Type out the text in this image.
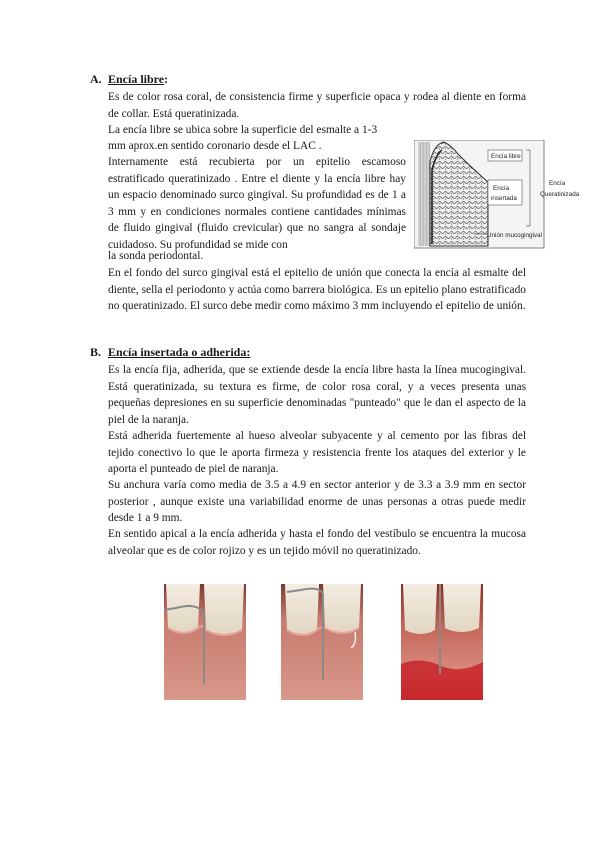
A. Encía libre:

Es de color rosa coral, de consistencia firme y superficie opaca y rodea al diente en forma de collar. Está queratinizada.

La encía libre se ubica sobre la superficie del esmalte a 1-3

mm aprox.en sentido coronario desde el LAC .

Internamente está recubierta por un epitelio escamoso estratificado queratinizado . Entre el diente y la encía libre hay un espacio denominado surco gingival. Su profundidad es de 1 a 3 mm y en condiciones normales contiene cantidades mínimas de fluido gingival (fluido crevicular) que no sangra al sondaje cuidadoso. Su profundidad se mide con

la sonda periodontal.

En el fondo del surco gingival está el epitelio de unión que conecta la encía al esmalte del diente, sella el periodonto y actúa como barrera biológica. Es un epitelio plano estratificado no queratinizado. El surco debe medir como máximo 3 mm incluyendo el epitelio de unión.

Encía libre
Encía
insertada
Encía
Queratinizada
Unión mucogingival
B. Encía insertada o adherida:

Es la encía fija, adherida, que se extiende desde la encía libre hasta la línea mucogingival. Está queratinizada, su textura es firme, de color rosa coral, y a veces presenta unas pequeñas depresiones en su superficie denominadas "punteado" que le dan el aspecto de la piel de la naranja.

Está adherida fuertemente al hueso alveolar subyacente y al cemento por las fibras del tejido conectivo lo que le aporta firmeza y resistencia frente los ataques del exterior y le aporta el punteado de piel de naranja.

Su anchura varía como media de 3.5 a 4.9 en sector anterior y de 3.3 a 3.9 mm en sector posterior , aunque existe una variabilidad enorme de unas personas a otras puede medir desde 1 a 9 mm.

En sentido apical a la encía adherida y hasta el fondo del vestíbulo se encuentra la mucosa alveolar que es de color rojizo y es un tejido móvil no queratinizado.
